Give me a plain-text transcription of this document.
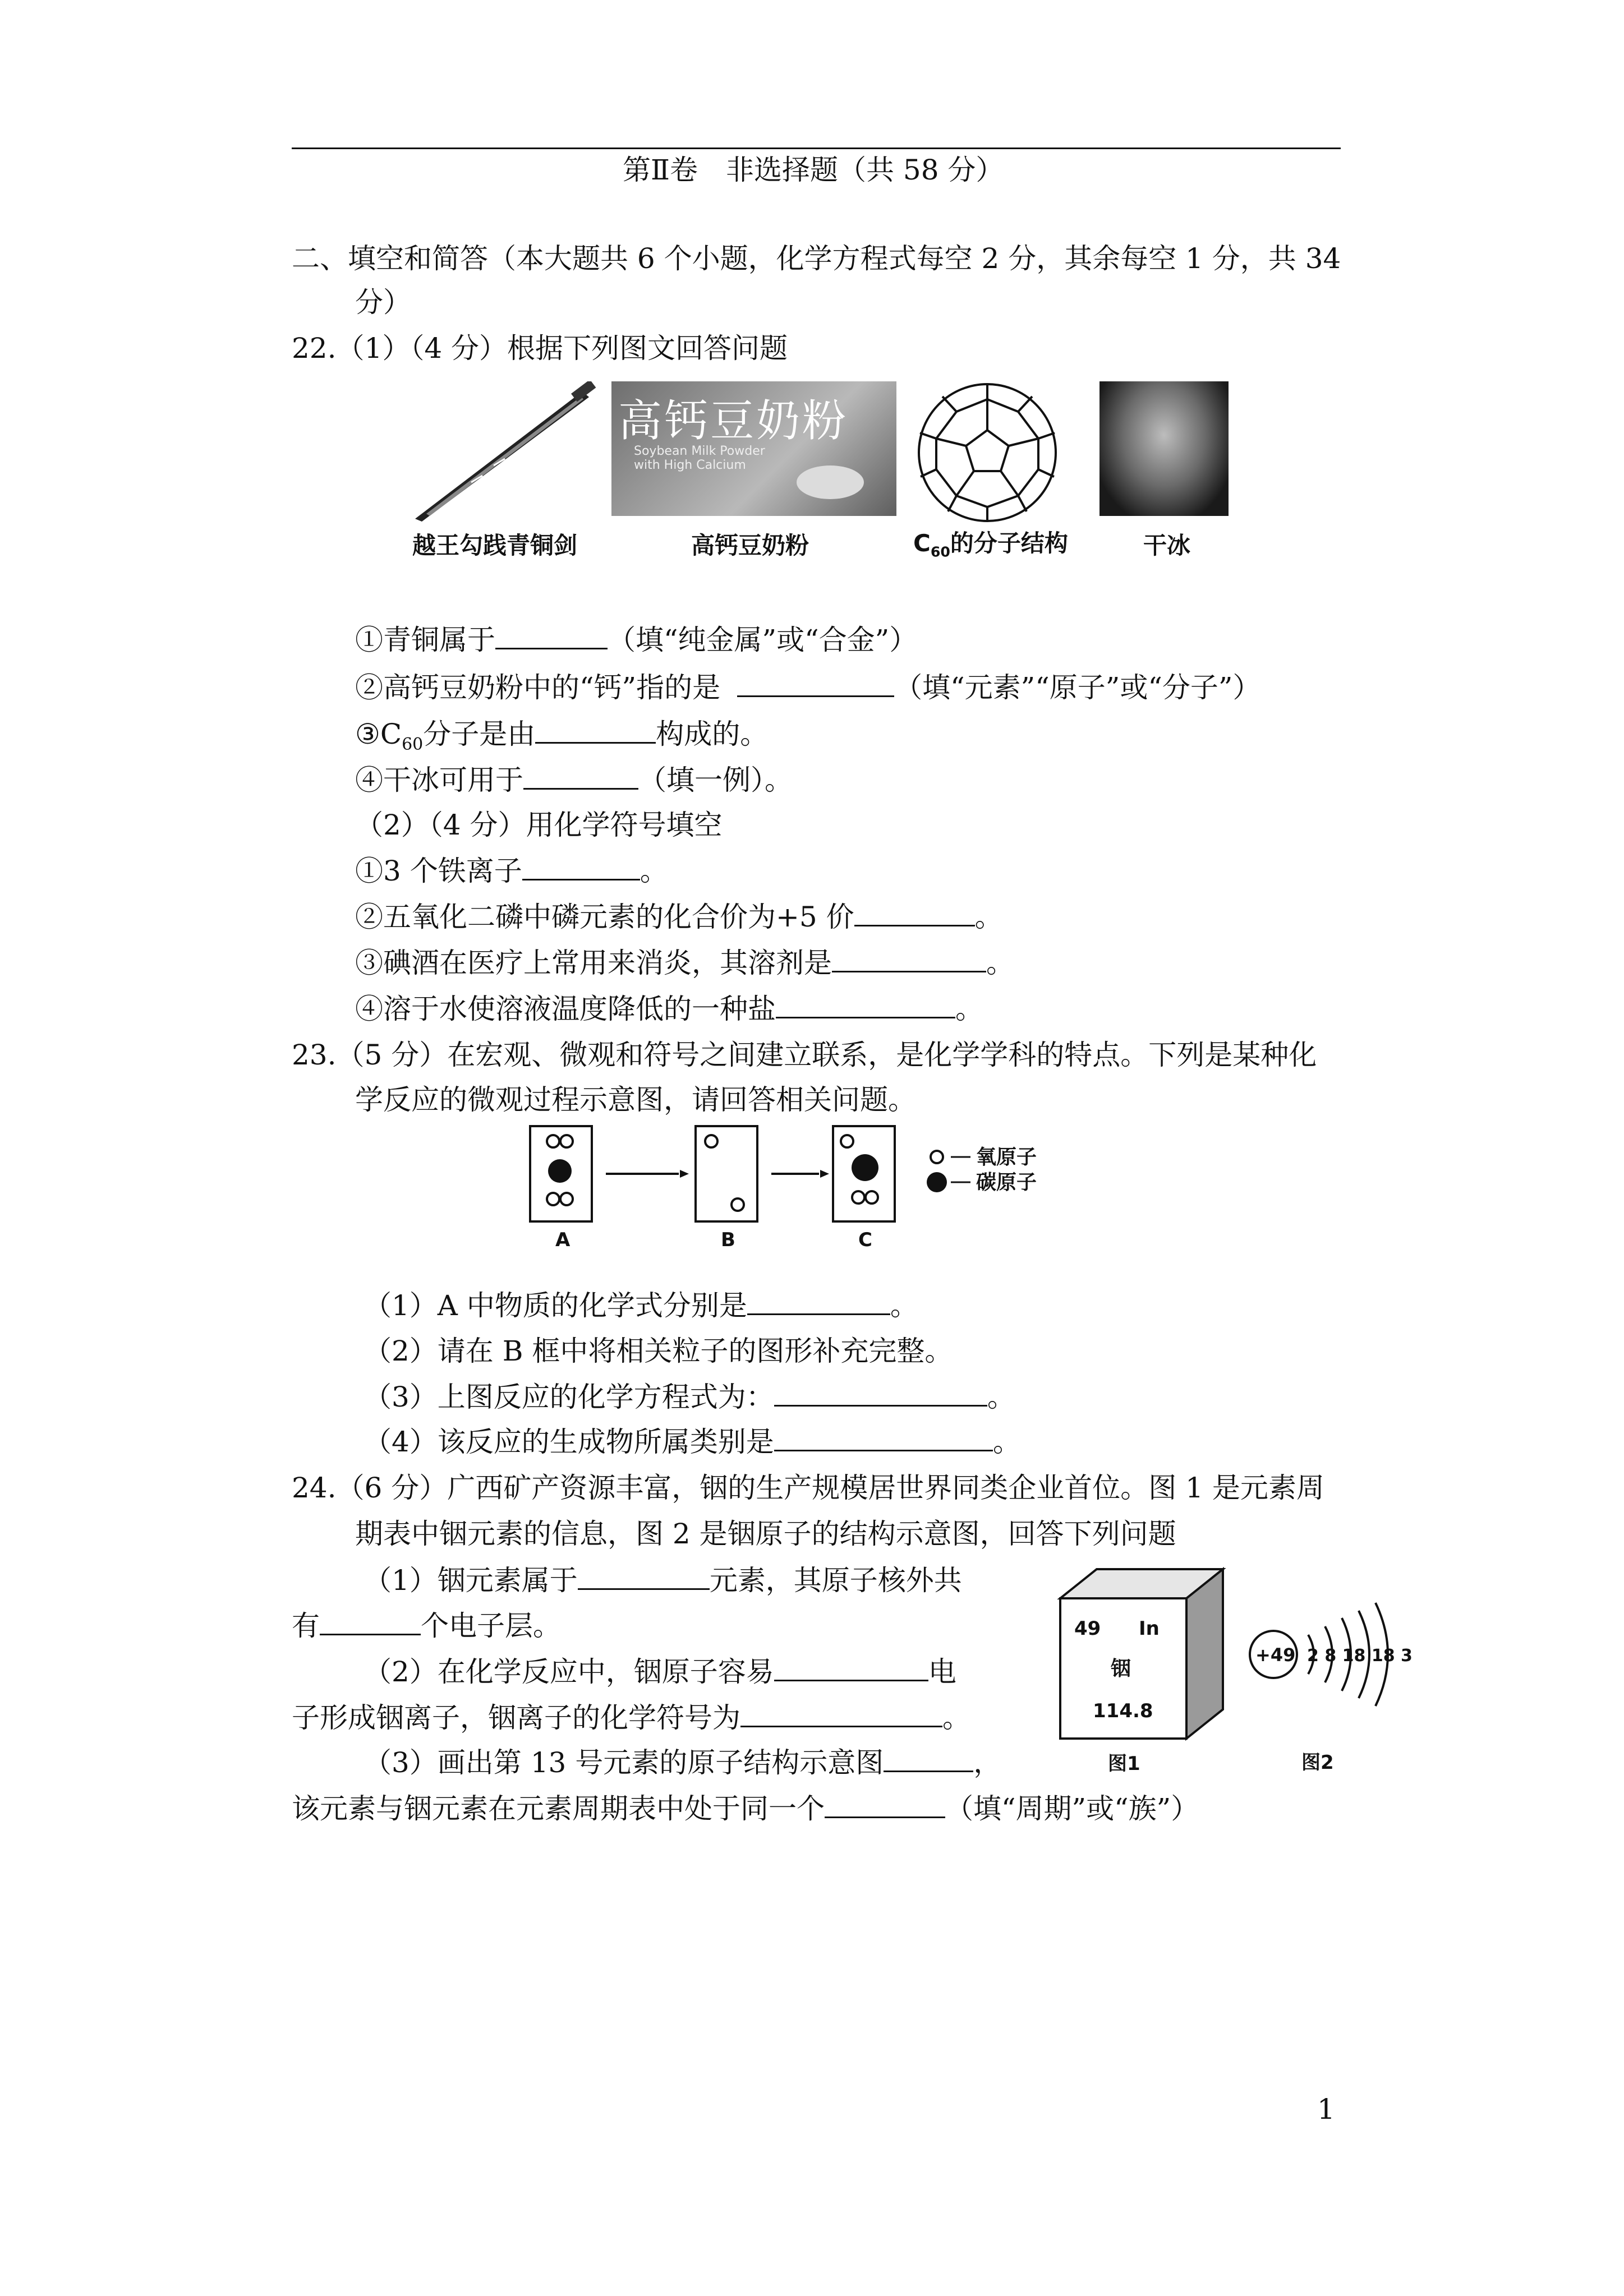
第Ⅱ卷　非选择题（共 58 分）
二、填空和简答（本大题共 6 个小题，化学方程式每空 2 分，其余每空 1 分，共 34
分）
22.（1）（4 分）根据下列图文回答问题
越王勾践青铜剑
高钙豆奶粉
Soybean Milk Powder with High Calcium
高钙豆奶粉	$C_{60}$的分子结构	干冰
①青铜属于	（填“纯金属”或“合金”）
②高钙豆奶粉中的“钙”指的是	（填“元素”“原子”或“分子”）
$③C_{60}$分子是由	构成的。
④干冰可用于	（填一例）。
（2）（4 分）用化学符号填空
①3 个铁离子	。
②五氧化二磷中磷元素的化合价为+5 价	。
③碘酒在医疗上常用来消炎，其溶剂是	。
④溶于水使溶液温度降低的一种盐	。
23.（5 分）在宏观、微观和符号之间建立联系，是化学学科的特点。下列是某种化
学反应的微观过程示意图，请回答相关问题。
氧原子
碳原子
A	B	C
（1）A 中物质的化学式分别是	。
（2）请在 B 框中将相关粒子的图形补充完整。
（3）上图反应的化学方程式为：	。
（4）该反应的生成物所属类别是	。
24.（6 分）广西矿产资源丰富，铟的生产规模居世界同类企业首位。图 1 是元素周
期表中铟元素的信息，图 2 是铟原子的结构示意图，回答下列问题
（1）铟元素属于	元素，其原子核外共
有	个电子层。
（2）在化学反应中，铟原子容易	电
子形成铟离子，铟离子的化学符号为	。
（3）画出第 13 号元素的原子结构示意图	，
该元素与铟元素在元素周期表中处于同一个	（填“周期”或“族”）
49 In
铟
114.8
图1
+49 2 8 18 18 3
图2
1
